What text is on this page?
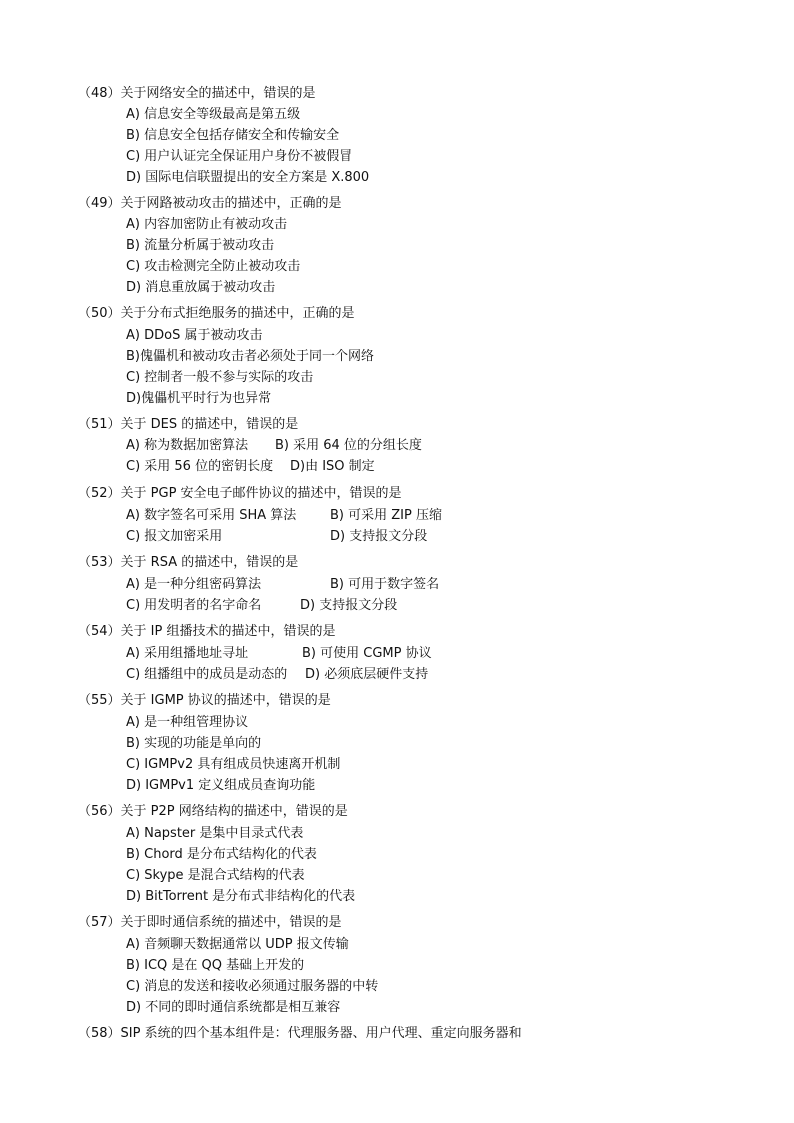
（48）关于网络安全的描述中，错误的是
A) 信息安全等级最高是第五级
B) 信息安全包括存储安全和传输安全
C) 用户认证完全保证用户身份不被假冒
D) 国际电信联盟提出的安全方案是 X.800
（49）关于网路被动攻击的描述中，正确的是
A) 内容加密防止有被动攻击
B) 流量分析属于被动攻击
C) 攻击检测完全防止被动攻击
D) 消息重放属于被动攻击
（50）关于分布式拒绝服务的描述中，正确的是
A) DDoS 属于被动攻击
B)傀儡机和被动攻击者必须处于同一个网络
C) 控制者一般不参与实际的攻击
D)傀儡机平时行为也异常
（51）关于 DES 的描述中，错误的是
A) 称为数据加密算法 B) 采用 64 位的分组长度
C) 采用 56 位的密钥长度 D)由 ISO 制定
（52）关于 PGP 安全电子邮件协议的描述中，错误的是
A) 数字签名可采用 SHA 算法	B) 可采用 ZIP 压缩
C) 报文加密采用	D) 支持报文分段
（53）关于 RSA 的描述中，错误的是
A) 是一种分组密码算法	B) 可用于数字签名
C) 用发明者的名字命名	D) 支持报文分段
（54）关于 IP 组播技术的描述中，错误的是
A) 采用组播地址寻址	B) 可使用 CGMP 协议
C) 组播组中的成员是动态的 D) 必须底层硬件支持
（55）关于 IGMP 协议的描述中，错误的是
A) 是一种组管理协议
B) 实现的功能是单向的
C) IGMPv2 具有组成员快速离开机制
D) IGMPv1 定义组成员查询功能
（56）关于 P2P 网络结构的描述中，错误的是
A) Napster 是集中目录式代表
B) Chord 是分布式结构化的代表
C) Skype 是混合式结构的代表
D) BitTorrent 是分布式非结构化的代表
（57）关于即时通信系统的描述中，错误的是
A) 音频聊天数据通常以 UDP 报文传输
B) ICQ 是在 QQ 基础上开发的
C) 消息的发送和接收必须通过服务器的中转
D) 不同的即时通信系统都是相互兼容
（58）SIP 系统的四个基本组件是：代理服务器、用户代理、重定向服务器和
